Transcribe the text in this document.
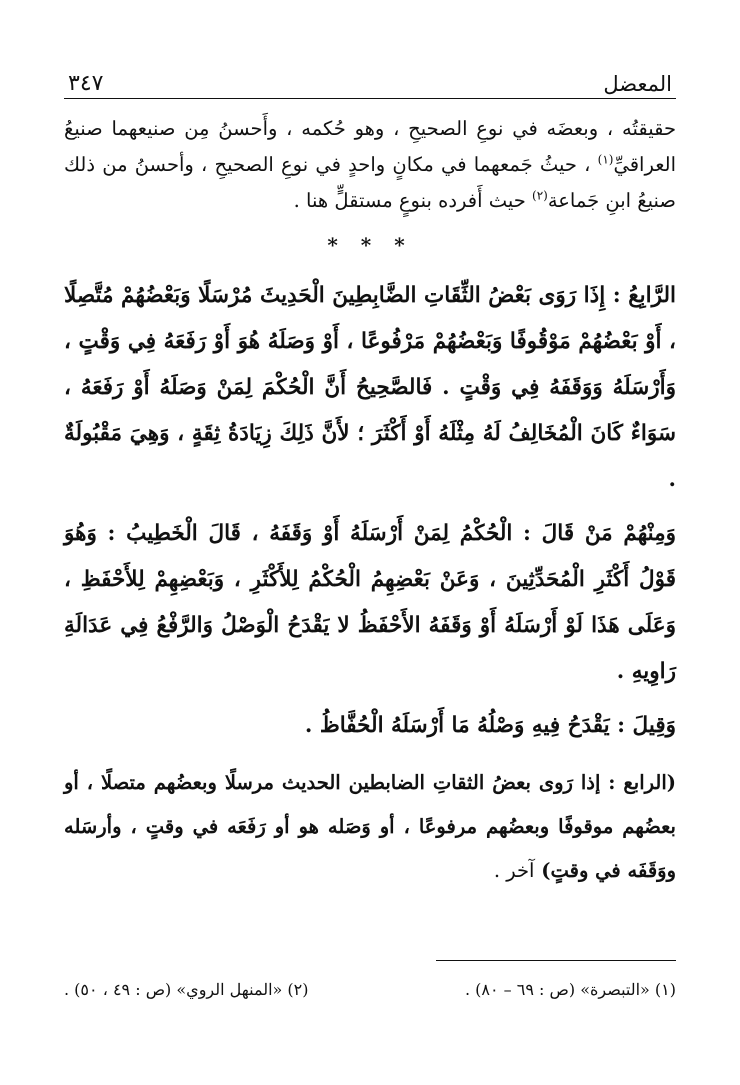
المعضل
٣٤٧

حقيقتُه ، وبعضَه في نوعِ الصحيحِ ، وهو حُكمه ، وأَحسنُ مِن صنيعهما صنيعُ العراقيِّ$^{(١)}$ ، حيثُ جَمعهما في مكانٍ واحدٍ في نوعِ الصحيحِ ، وأحسنُ من ذلك صنيعُ ابنِ جَماعة$^{(٢)}$ حيث أَفرده بنوعٍ مستقلٍّ هنا .

* * *

الرَّابِعُ : إِذَا رَوَى بَعْضُ الثِّقَاتِ الضَّابِطِينَ الْحَدِيثَ مُرْسَلًا وَبَعْضُهُمْ مُتَّصِلًا ، أَوْ بَعْضُهُمْ مَوْقُوفًا وَبَعْضُهُمْ مَرْفُوعًا ، أَوْ وَصَلَهُ هُوَ أَوْ رَفَعَهُ فِي وَقْتٍ ، وَأَرْسَلَهُ وَوَقَفَهُ فِي وَقْتٍ . فَالصَّحِيحُ أَنَّ الْحُكْمَ لِمَنْ وَصَلَهُ أَوْ رَفَعَهُ ، سَوَاءٌ كَانَ الْمُخَالِفُ لَهُ مِثْلَهُ أَوْ أَكْثَرَ ؛ لأَنَّ ذَلِكَ زِيَادَةُ ثِقَةٍ ، وَهِيَ مَقْبُولَةٌ .

وَمِنْهُمْ مَنْ قَالَ : الْحُكْمُ لِمَنْ أَرْسَلَهُ أَوْ وَقَفَهُ ، قَالَ الْخَطِيبُ : وَهُوَ قَوْلُ أَكْثَرِ الْمُحَدِّثِينَ ، وَعَنْ بَعْضِهِمُ الْحُكْمُ لِلأَكْثَرِ ، وَبَعْضِهِمْ لِلأَحْفَظِ ، وَعَلَى هَذَا لَوْ أَرْسَلَهُ أَوْ وَقَفَهُ الأَحْفَظُ لا يَقْدَحُ الْوَصْلُ وَالرَّفْعُ فِي عَدَالَةِ رَاوِيهِ .

وَقِيلَ : يَقْدَحُ فِيهِ وَصْلُهُ مَا أَرْسَلَهُ الْحُفَّاظُ .

(الرابع : إذا رَوى بعضُ الثقاتِ الضابطين الحديث مرسلًا وبعضُهم متصلًا ، أو بعضُهم موقوفًا وبعضُهم مرفوعًا ، أو وَصَله هو أو رَفَعَه في وقتٍ ، وأرسَله ووَقَفَه في وقتٍ) آخر .

(١) «التبصرة» (ص : ٦٩ – ٨٠) .
(٢) «المنهل الروي» (ص : ٤٩ ، ٥٠) .
